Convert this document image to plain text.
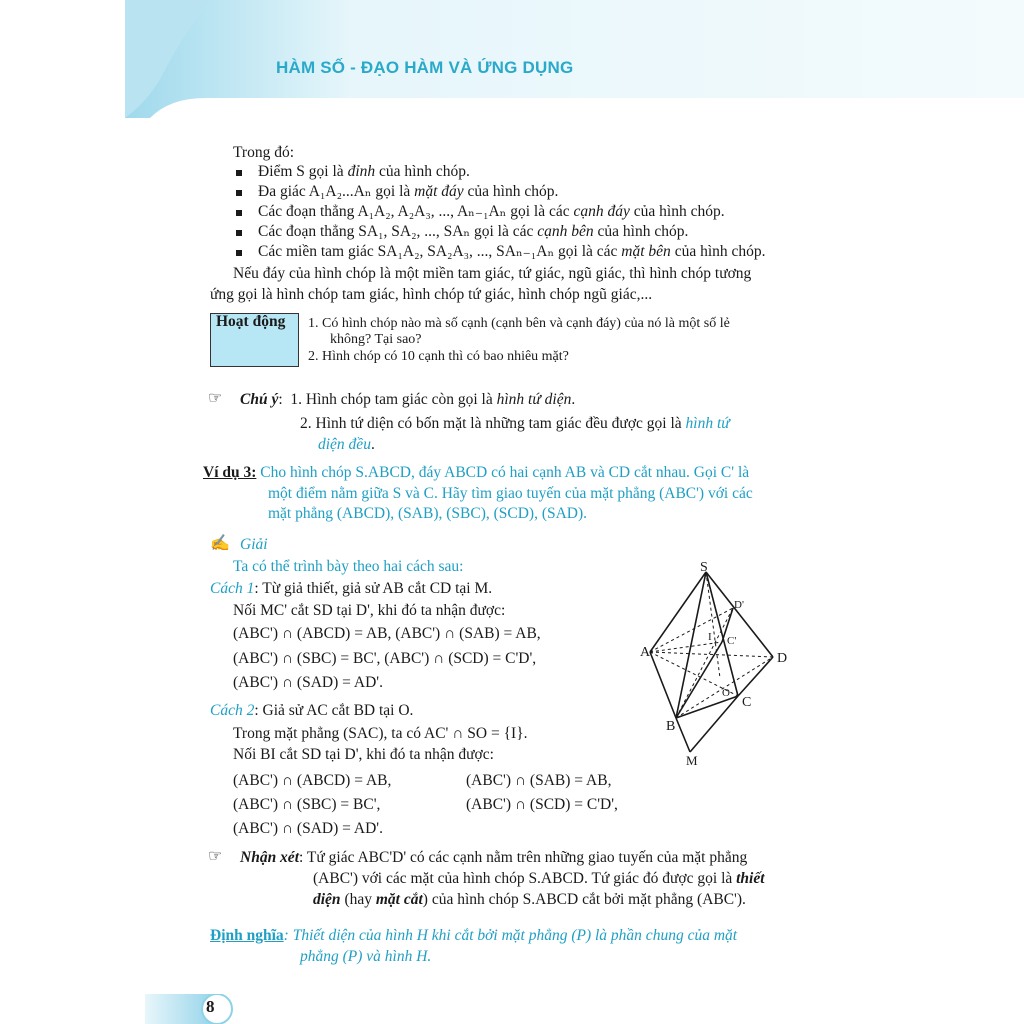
HÀM SỐ - ĐẠO HÀM VÀ ỨNG DỤNG
Trong đó:
Điểm S gọi là đỉnh của hình chóp.
Đa giác A₁A₂...Aₙ gọi là mặt đáy của hình chóp.
Các đoạn thẳng A₁A₂, A₂A₃, ..., Aₙ₋₁Aₙ gọi là các cạnh đáy của hình chóp.
Các đoạn thẳng SA₁, SA₂, ..., SAₙ gọi là các cạnh bên của hình chóp.
Các miền tam giác SA₁A₂, SA₂A₃, ..., SAₙ₋₁Aₙ gọi là các mặt bên của hình chóp.
Nếu đáy của hình chóp là một miền tam giác, tứ giác, ngũ giác, thì hình chóp tương
ứng gọi là hình chóp tam giác, hình chóp tứ giác, hình chóp ngũ giác,...
Hoạt động 1. Có hình chóp nào mà số cạnh (cạnh bên và cạnh đáy) của nó là một số lẻ
không? Tại sao?
2. Hình chóp có 10 cạnh thì có bao nhiêu mặt?
☞ Chú ý:  1. Hình chóp tam giác còn gọi là hình tứ diện.
2. Hình tứ diện có bốn mặt là những tam giác đều được gọi là hình tứ
diện đều.
Ví dụ 3: Cho hình chóp S.ABCD, đáy ABCD có hai cạnh AB và CD cắt nhau. Gọi C' là
một điểm nằm giữa S và C. Hãy tìm giao tuyến của mặt phẳng (ABC') với các
mặt phẳng (ABCD), (SAB), (SBC), (SCD), (SAD).
✍ Giải
Ta có thể trình bày theo hai cách sau:
Cách 1: Từ giả thiết, giả sử AB cắt CD tại M.
Nối MC' cắt SD tại D', khi đó ta nhận được:
(ABC') ∩ (ABCD) = AB, (ABC') ∩ (SAB) = AB,
(ABC') ∩ (SBC) = BC', (ABC') ∩ (SCD) = C'D',
(ABC') ∩ (SAD) = AD'.
Cách 2: Giả sử AC cắt BD tại O.
Trong mặt phẳng (SAC), ta có AC' ∩ SO = {I}.
Nối BI cắt SD tại D', khi đó ta nhận được:
(ABC') ∩ (ABCD) = AB,	(ABC') ∩ (SAB) = AB,
(ABC') ∩ (SBC) = BC',	(ABC') ∩ (SCD) = C'D',
(ABC') ∩ (SAD) = AD'.
☞ Nhận xét: Tứ giác ABC'D' có các cạnh nằm trên những giao tuyến của mặt phẳng
(ABC') với các mặt của hình chóp S.ABCD. Tứ giác đó được gọi là thiết
diện (hay mặt cắt) của hình chóp S.ABCD cắt bởi mặt phẳng (ABC').
Định nghĩa: Thiết diện của hình H khi cắt bởi mặt phẳng (P) là phần chung của mặt
phẳng (P) và hình H.
S
A
B
C
D
M
O
I C'
D'
8
